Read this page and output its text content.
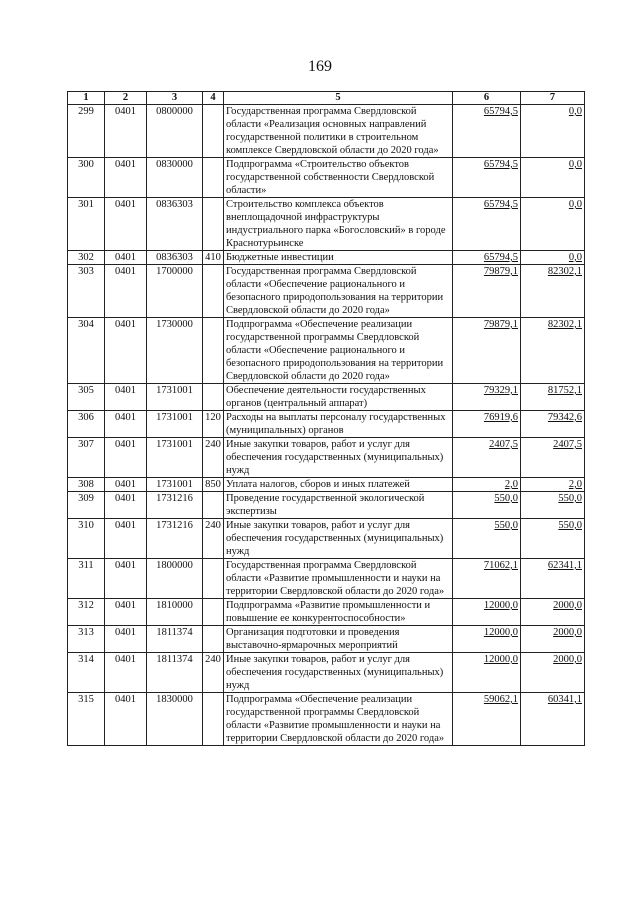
169
1	2	3	4	5	6	7
299	0401	0800000		Государственная программа Свердловской области «Реализация основных направлений государственной политики в строительном комплексе Свердловской области до 2020 года»	65794,5	0,0
300	0401	0830000		Подпрограмма «Строительство объектов государственной собственности Свердловской области»	65794,5	0,0
301	0401	0836303		Строительство комплекса объектов внеплощадочной инфраструктуры индустриального парка «Богословский» в городе Краснотурьинске	65794,5	0,0
302	0401	0836303	410	Бюджетные инвестиции	65794,5	0,0
303	0401	1700000		Государственная программа Свердловской области «Обеспечение рационального и безопасного природопользования на территории Свердловской области до 2020 года»	79879,1	82302,1
304	0401	1730000		Подпрограмма «Обеспечение реализации государственной программы Свердловской области «Обеспечение рационального и безопасного природопользования на территории Свердловской области до 2020 года»	79879,1	82302,1
305	0401	1731001		Обеспечение деятельности государственных органов (центральный аппарат)	79329,1	81752,1
306	0401	1731001	120	Расходы на выплаты персоналу государственных (муниципальных) органов	76919,6	79342,6
307	0401	1731001	240	Иные закупки товаров, работ и услуг для обеспечения государственных (муниципальных) нужд	2407,5	2407,5
308	0401	1731001	850	Уплата налогов, сборов и иных платежей	2,0	2,0
309	0401	1731216		Проведение государственной экологической экспертизы	550,0	550,0
310	0401	1731216	240	Иные закупки товаров, работ и услуг для обеспечения государственных (муниципальных) нужд	550,0	550,0
311	0401	1800000		Государственная программа Свердловской области «Развитие промышленности и науки на территории Свердловской области до 2020 года»	71062,1	62341,1
312	0401	1810000		Подпрограмма «Развитие промышленности и повышение ее конкурентоспособности»	12000,0	2000,0
313	0401	1811374		Организация подготовки и проведения выставочно-ярмарочных мероприятий	12000,0	2000,0
314	0401	1811374	240	Иные закупки товаров, работ и услуг для обеспечения государственных (муниципальных) нужд	12000,0	2000,0
315	0401	1830000		Подпрограмма «Обеспечение реализации государственной программы Свердловской области «Развитие промышленности и науки на территории Свердловской области до 2020 года»	59062,1	60341,1
